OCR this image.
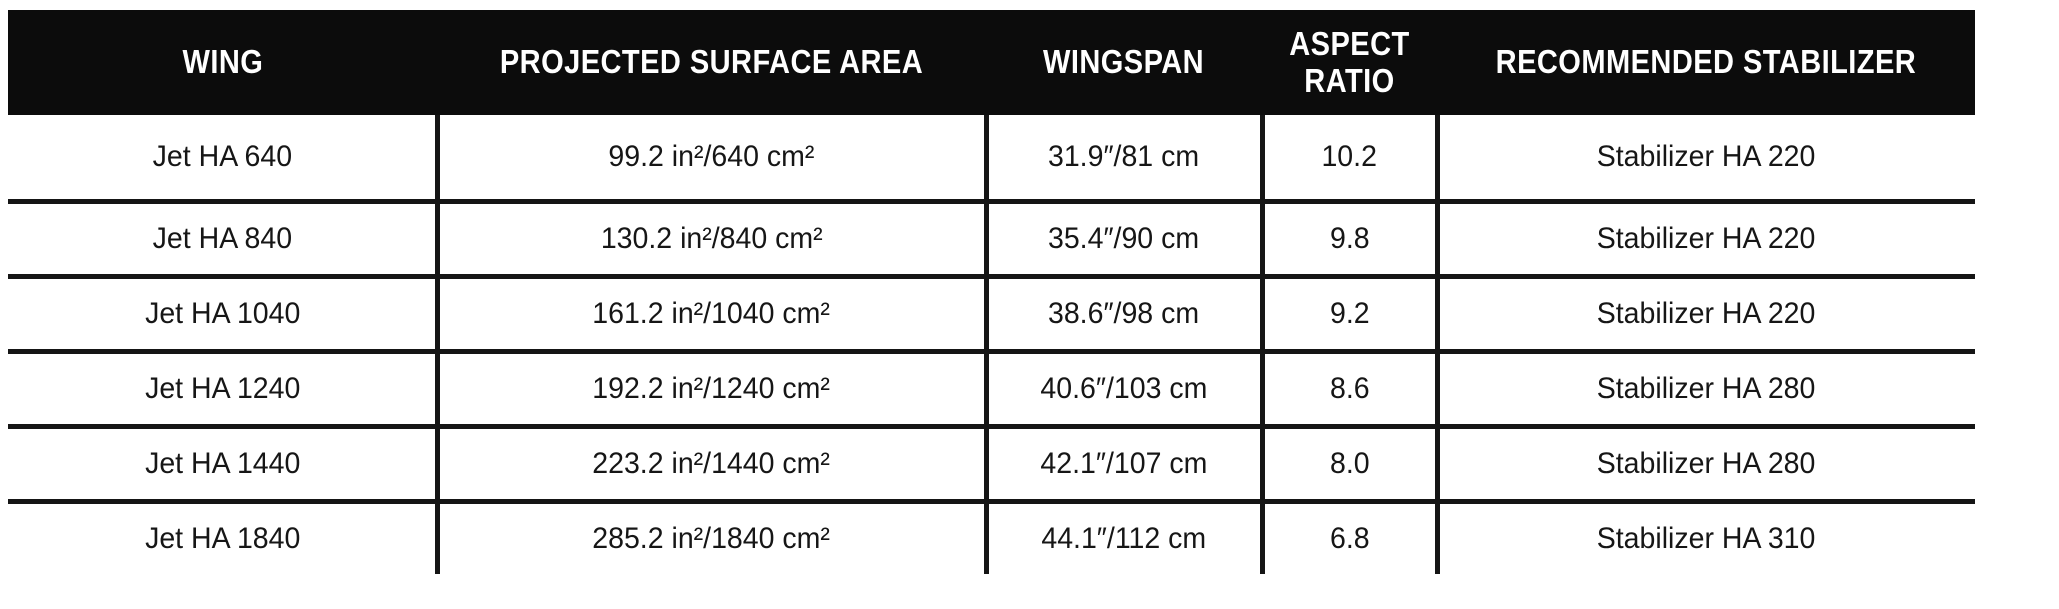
WING	PROJECTED SURFACE AREA	WINGSPAN	ASPECT RATIO	RECOMMENDED STABILIZER
Jet HA 640	99.2 in²/640 cm²	31.9″/81 cm	10.2	Stabilizer HA 220
Jet HA 840	130.2 in²/840 cm²	35.4″/90 cm	9.8	Stabilizer HA 220
Jet HA 1040	161.2 in²/1040 cm²	38.6″/98 cm	9.2	Stabilizer HA 220
Jet HA 1240	192.2 in²/1240 cm²	40.6″/103 cm	8.6	Stabilizer HA 280
Jet HA 1440	223.2 in²/1440 cm²	42.1″/107 cm	8.0	Stabilizer HA 280
Jet HA 1840	285.2 in²/1840 cm²	44.1″/112 cm	6.8	Stabilizer HA 310
